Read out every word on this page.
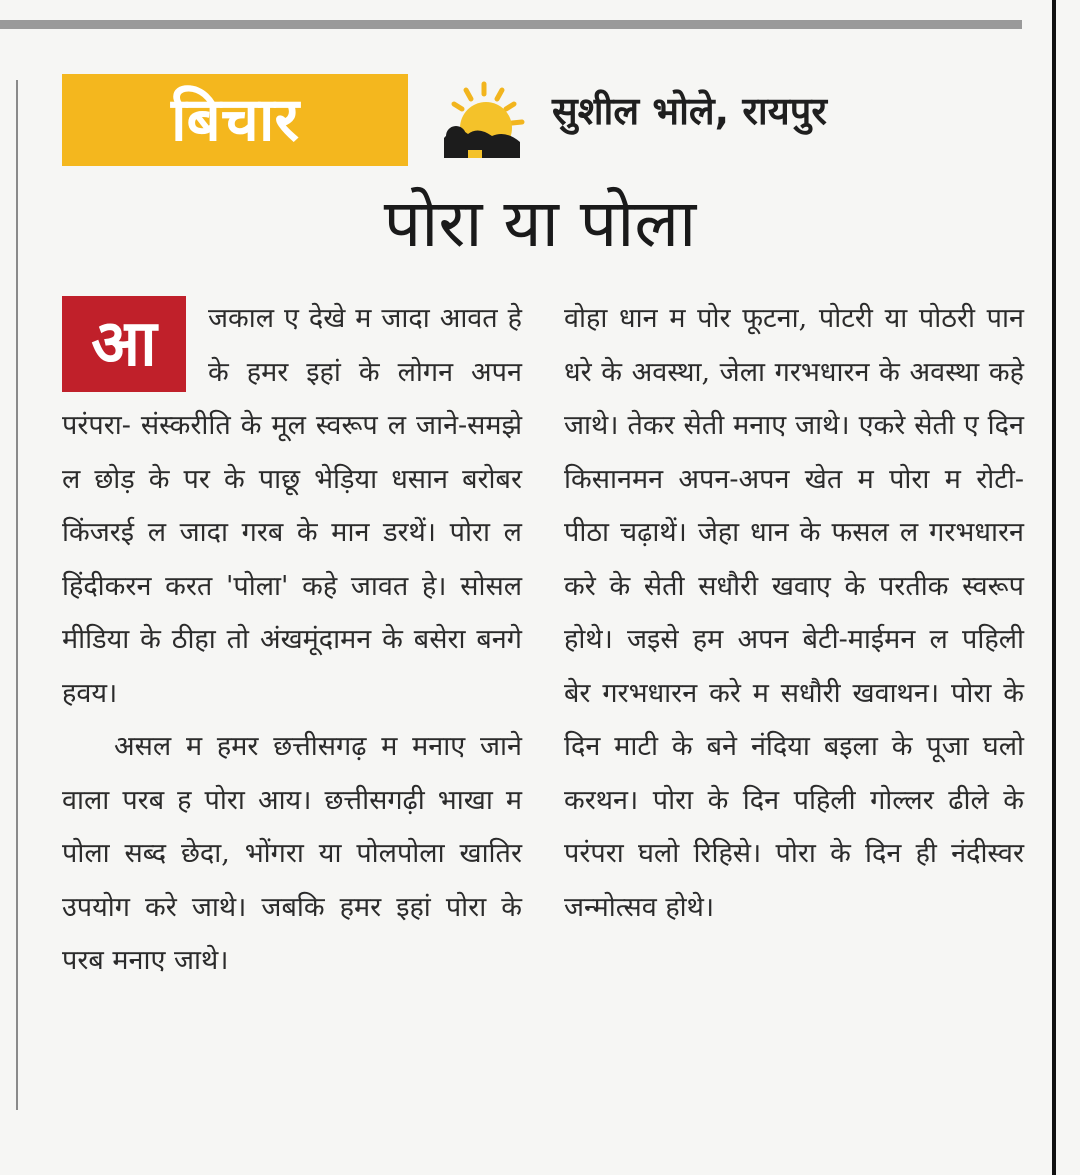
बिचार	सुशील भोले, रायपुर
पोरा या पोला
आ	जकाल ए देखे म जादा आवत हे के हमर इहां के लोगन अपन परंपरा- संस्करीति के मूल स्वरूप ल जाने-समझे ल छोड़ के पर के पाछू भेड़िया धसान बरोबर किंजरई ल जादा गरब के मान डरथें। पोरा ल हिंदीकरन करत 'पोला' कहे जावत हे। सोसल मीडिया के ठीहा तो अंखमूंदामन के बसेरा बनगे हवय।

असल म हमर छत्तीसगढ़ म मनाए जाने वाला परब ह पोरा आय। छत्तीसगढ़ी भाखा म पोला सब्द छेदा, भोंगरा या पोलपोला खातिर उपयोग करे जाथे। जबकि हमर इहां पोरा के परब मनाए जाथे।

वोहा धान म पोर फूटना, पोटरी या पोठरी पान धरे के अवस्था, जेला गरभधारन के अवस्था कहे जाथे। तेकर सेती मनाए जाथे। एकरे सेती ए दिन किसानमन अपन-अपन खेत म पोरा म रोटी-पीठा चढ़ाथें। जेहा धान के फसल ल गरभधारन करे के सेती सधौरी खवाए के परतीक स्वरूप होथे। जइसे हम अपन बेटी-माईमन ल पहिली बेर गरभधारन करे म सधौरी खवाथन। पोरा के दिन माटी के बने नंदिया बइला के पूजा घलो करथन। पोरा के दिन पहिली गोल्लर ढीले के परंपरा घलो रिहिसे। पोरा के दिन ही नंदीस्वर जन्मोत्सव होथे।
